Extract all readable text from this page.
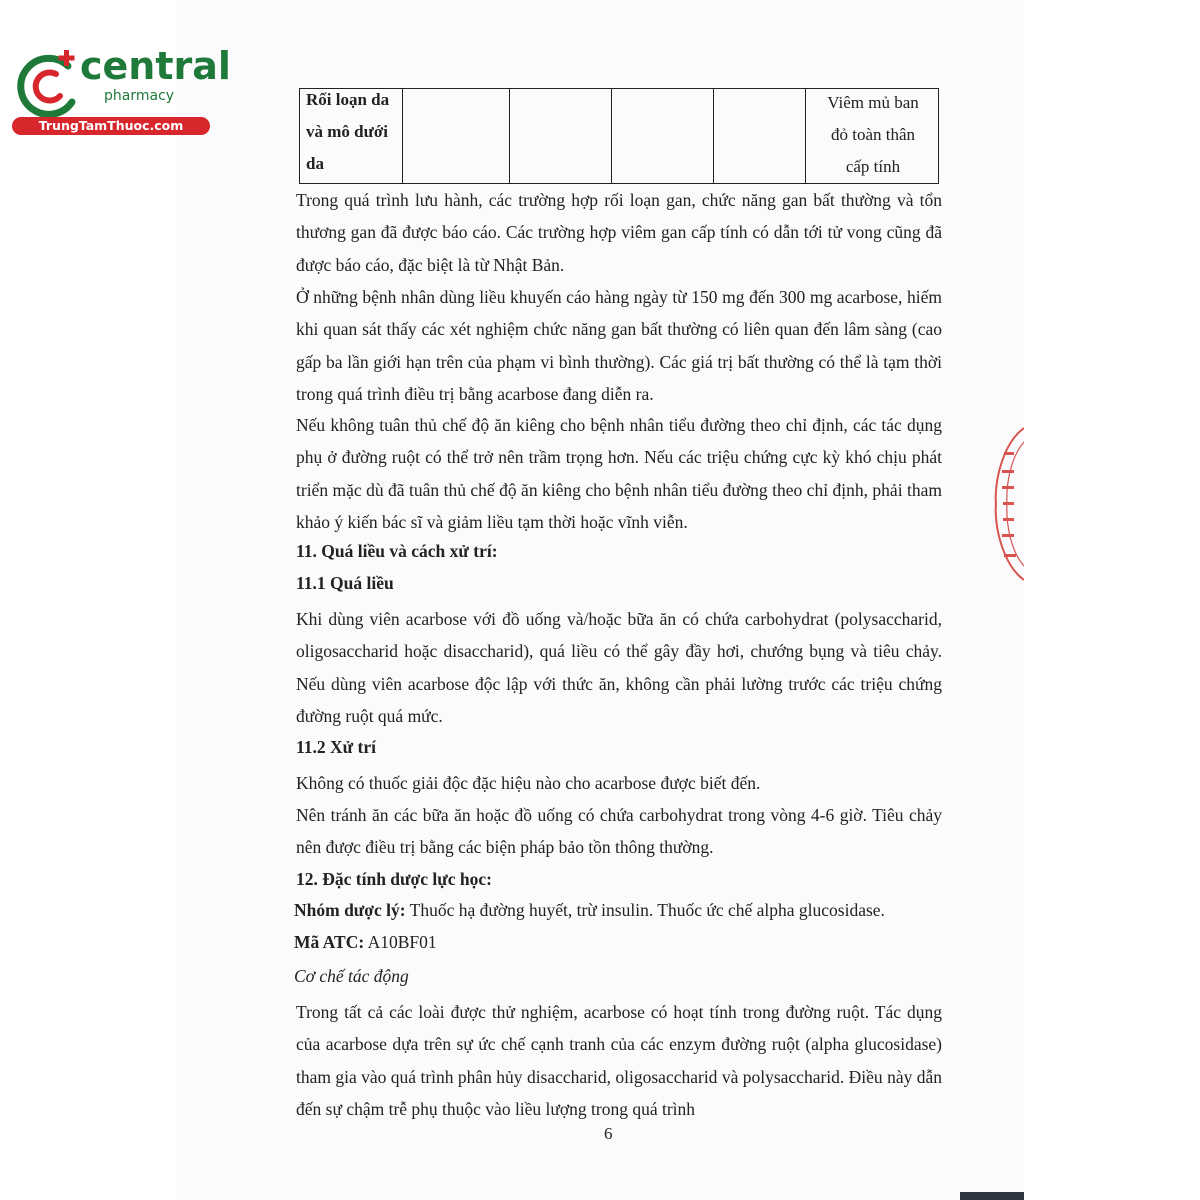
central
pharmacy
TrungTamThuoc.com
Rối loạn da
và mô dưới
da
Viêm mủ ban
đỏ toàn thân
cấp tính

Trong quá trình lưu hành, các trường hợp rối loạn gan, chức năng gan bất thường và tổn thương gan đã được báo cáo. Các trường hợp viêm gan cấp tính có dẫn tới tử vong cũng đã được báo cáo, đặc biệt là từ Nhật Bản.

Ở những bệnh nhân dùng liều khuyến cáo hàng ngày từ 150 mg đến 300 mg acarbose, hiếm khi quan sát thấy các xét nghiệm chức năng gan bất thường có liên quan đến lâm sàng (cao gấp ba lần giới hạn trên của phạm vi bình thường). Các giá trị bất thường có thể là tạm thời trong quá trình điều trị bằng acarbose đang diễn ra.

Nếu không tuân thủ chế độ ăn kiêng cho bệnh nhân tiểu đường theo chỉ định, các tác dụng phụ ở đường ruột có thể trở nên trầm trọng hơn. Nếu các triệu chứng cực kỳ khó chịu phát triển mặc dù đã tuân thủ chế độ ăn kiêng cho bệnh nhân tiểu đường theo chỉ định, phải tham khảo ý kiến bác sĩ và giảm liều tạm thời hoặc vĩnh viễn.

11. Quá liều và cách xử trí:

11.1 Quá liều

Khi dùng viên acarbose với đồ uống và/hoặc bữa ăn có chứa carbohydrat (polysaccharid, oligosaccharid hoặc disaccharid), quá liều có thể gây đầy hơi, chướng bụng và tiêu chảy. Nếu dùng viên acarbose độc lập với thức ăn, không cần phải lường trước các triệu chứng đường ruột quá mức.

11.2 Xử trí

Không có thuốc giải độc đặc hiệu nào cho acarbose được biết đến.

Nên tránh ăn các bữa ăn hoặc đồ uống có chứa carbohydrat trong vòng 4-6 giờ. Tiêu chảy nên được điều trị bằng các biện pháp bảo tồn thông thường.

12. Đặc tính dược lực học:

Nhóm dược lý: Thuốc hạ đường huyết, trừ insulin. Thuốc ức chế alpha glucosidase.

Mã ATC: A10BF01

Cơ chế tác động

Trong tất cả các loài được thử nghiệm, acarbose có hoạt tính trong đường ruột. Tác dụng của acarbose dựa trên sự ức chế cạnh tranh của các enzym đường ruột (alpha glucosidase) tham gia vào quá trình phân hủy disaccharid, oligosaccharid và polysaccharid. Điều này dẫn đến sự chậm trễ phụ thuộc vào liều lượng trong quá trình

6
